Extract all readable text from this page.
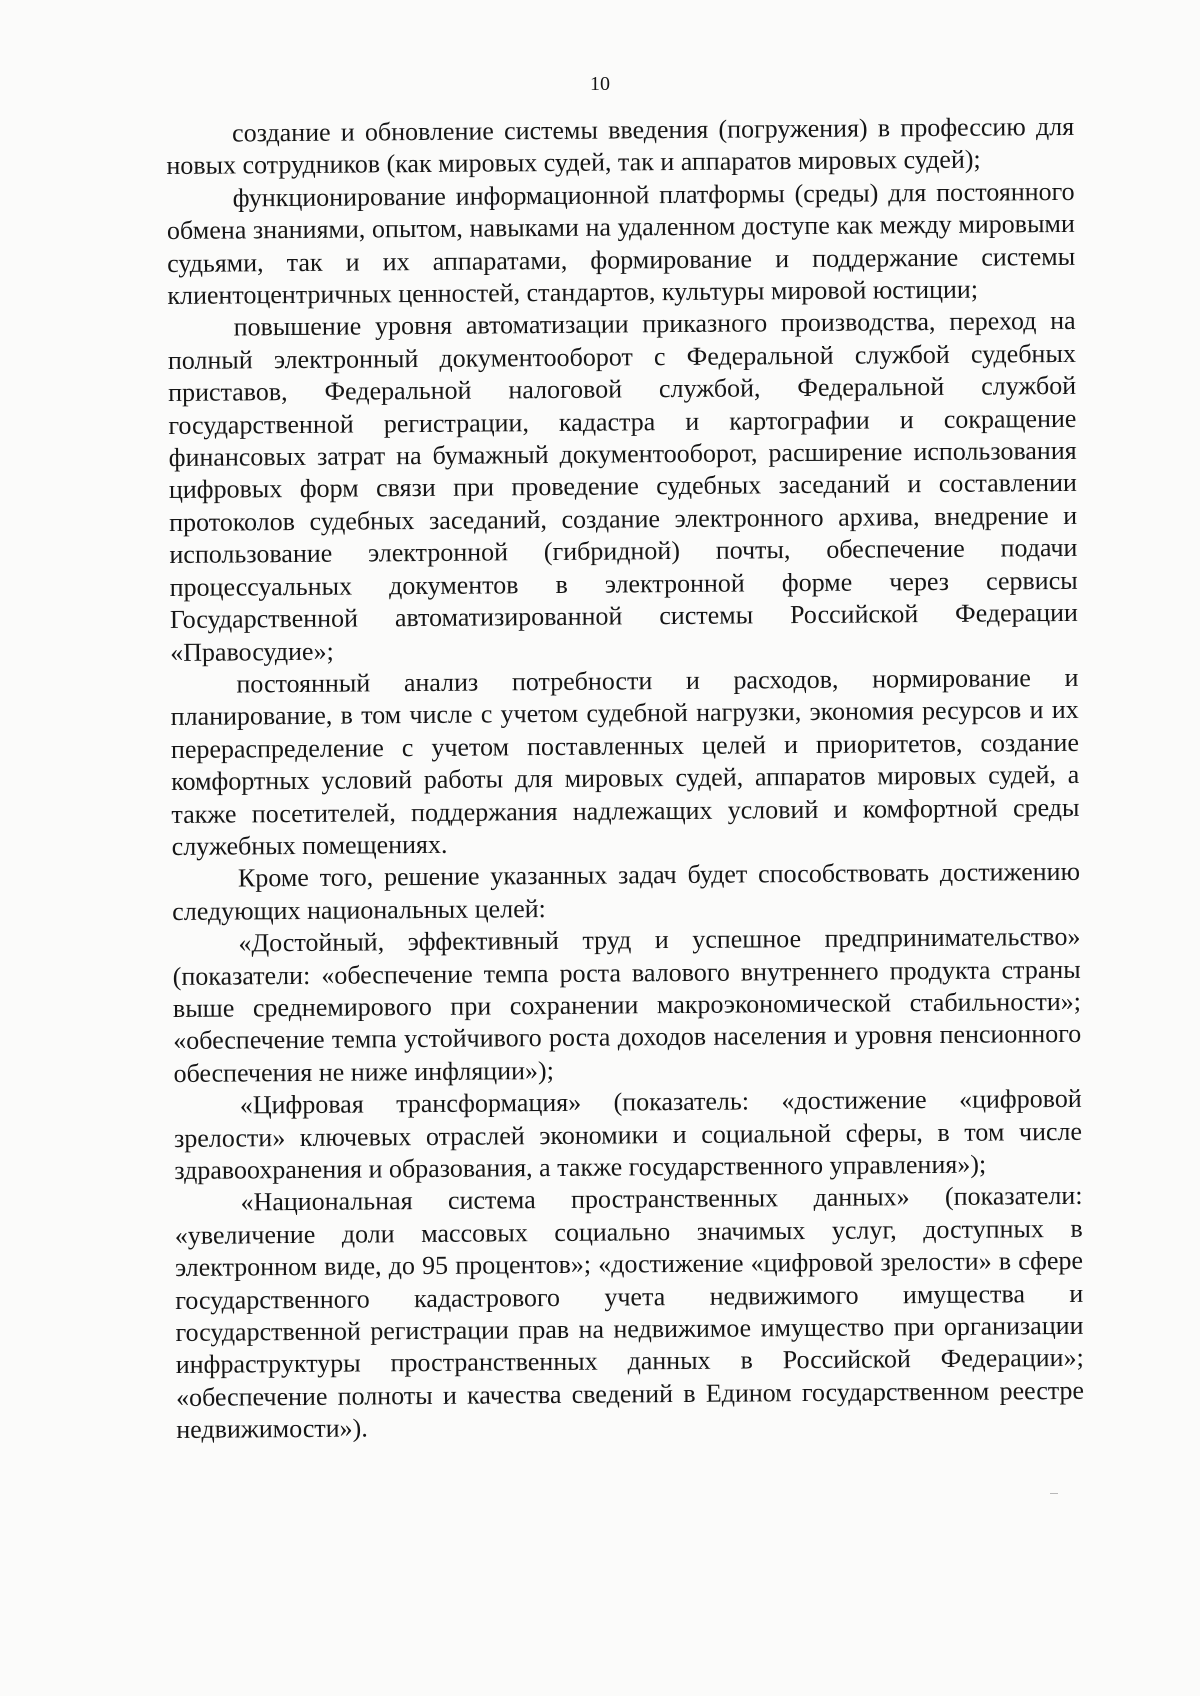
10

создание и обновление системы введения (погружения) в профессию для новых сотрудников (как мировых судей, так и аппаратов мировых судей);

функционирование информационной платформы (среды) для постоянного обмена знаниями, опытом, навыками на удаленном доступе как между мировыми судьями, так и их аппаратами, формирование и поддержание системы клиентоцентричных ценностей, стандартов, культуры мировой юстиции;

повышение уровня автоматизации приказного производства, переход на полный электронный документооборот с Федеральной службой судебных приставов, Федеральной налоговой службой, Федеральной службой государственной регистрации, кадастра и картографии и сокращение финансовых затрат на бумажный документооборот, расширение использования цифровых форм связи при проведение судебных заседаний и составлении протоколов судебных заседаний, создание электронного архива, внедрение и использование электронной (гибридной) почты, обеспечение подачи процессуальных документов в электронной форме через сервисы Государственной автоматизированной системы Российской Федерации «Правосудие»;

постоянный анализ потребности и расходов, нормирование и планирование, в том числе с учетом судебной нагрузки, экономия ресурсов и их перераспределение с учетом поставленных целей и приоритетов, создание комфортных условий работы для мировых судей, аппаратов мировых судей, а также посетителей, поддержания надлежащих условий и комфортной среды служебных помещениях.

Кроме того, решение указанных задач будет способствовать достижению следующих национальных целей:

«Достойный, эффективный труд и успешное предпринимательство» (показатели: «обеспечение темпа роста валового внутреннего продукта страны выше среднемирового при сохранении макроэкономической стабильности»; «обеспечение темпа устойчивого роста доходов населения и уровня пенсионного обеспечения не ниже инфляции»);

«Цифровая трансформация» (показатель: «достижение «цифровой зрелости» ключевых отраслей экономики и социальной сферы, в том числе здравоохранения и образования, а также государственного управления»);

«Национальная система пространственных данных» (показатели: «увеличение доли массовых социально значимых услуг, доступных в электронном виде, до 95 процентов»; «достижение «цифровой зрелости» в сфере государственного кадастрового учета недвижимого имущества и государственной регистрации прав на недвижимое имущество при организации инфраструктуры пространственных данных в Российской Федерации»; «обеспечение полноты и качества сведений в Едином государственном реестре недвижимости»).
